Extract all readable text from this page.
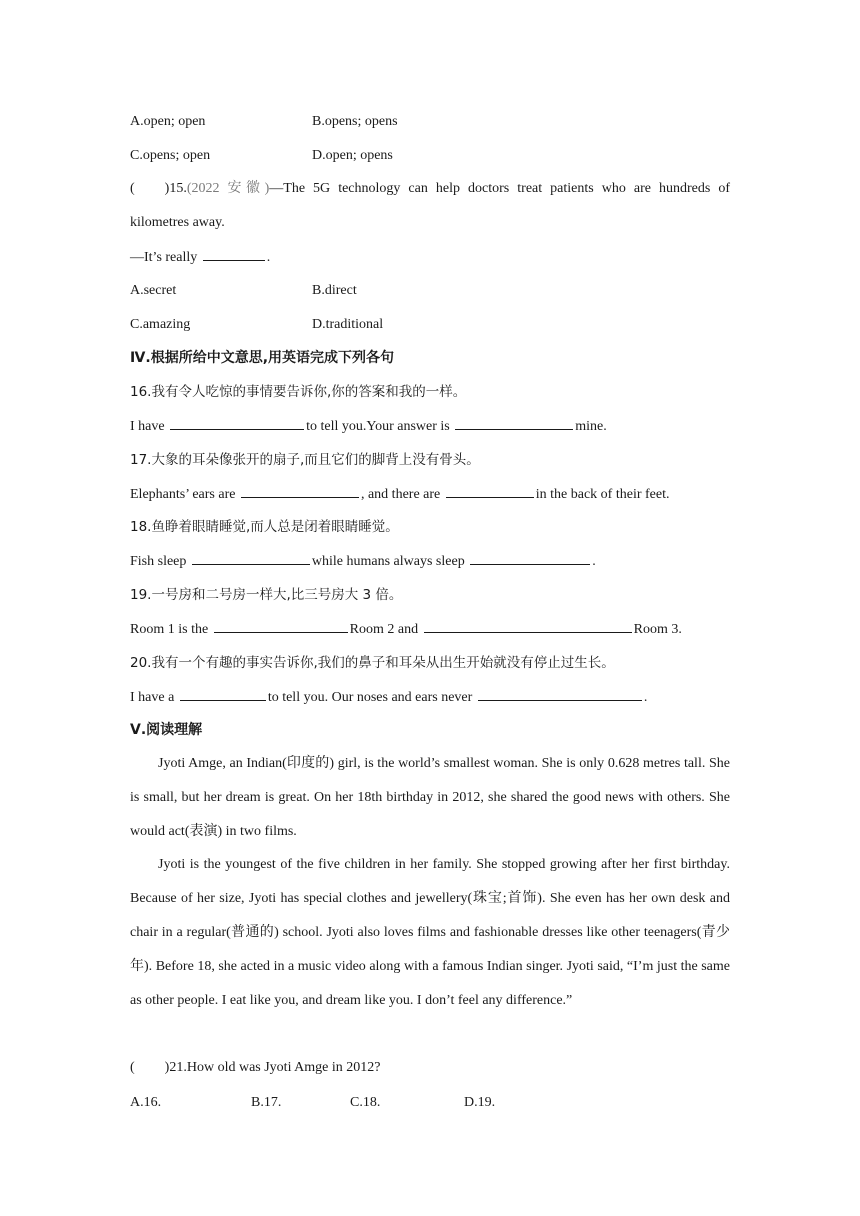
A.open; open	B.opens; opens
C.opens; open	D.open; opens
( )15.(2022 安徽)—The 5G technology can help doctors treat patients who are hundreds of
kilometres away.
—It’s really	.
A.secret	B.direct
C.amazing	D.traditional
Ⅳ.根据所给中文意思,用英语完成下列各句
16.我有令人吃惊的事情要告诉你,你的答案和我的一样。
I have	to tell you.Your answer is	mine.
17.大象的耳朵像张开的扇子,而且它们的脚背上没有骨头。
Elephants’ ears are	, and there are	in the back of their feet.
18.鱼睁着眼睛睡觉,而人总是闭着眼睛睡觉。
Fish sleep	while humans always sleep	.
19.一号房和二号房一样大,比三号房大 3 倍。
Room 1 is the	Room 2 and	Room 3.
20.我有一个有趣的事实告诉你,我们的鼻子和耳朵从出生开始就没有停止过生长。
I have a	to tell you. Our noses and ears never	.
Ⅴ.阅读理解

Jyoti Amge, an Indian(印度的) girl, is the world’s smallest woman. She is only 0.628 metres tall. She is small, but her dream is great. On her 18th birthday in 2012, she shared the good news with others. She would act(表演) in two films.

Jyoti is the youngest of the five children in her family. She stopped growing after her first birthday. Because of her size, Jyoti has special clothes and jewellery(珠宝;首饰). She even has her own desk and chair in a regular(普通的) school. Jyoti also loves films and fashionable dresses like other teenagers(青少年). Before 18, she acted in a music video along with a famous Indian singer. Jyoti said, “I’m just the same as other people. I eat like you, and dream like you. I don’t feel any difference.”

( )21.How old was Jyoti Amge in 2012?
A.16.	B.17.	C.18.	D.19.
